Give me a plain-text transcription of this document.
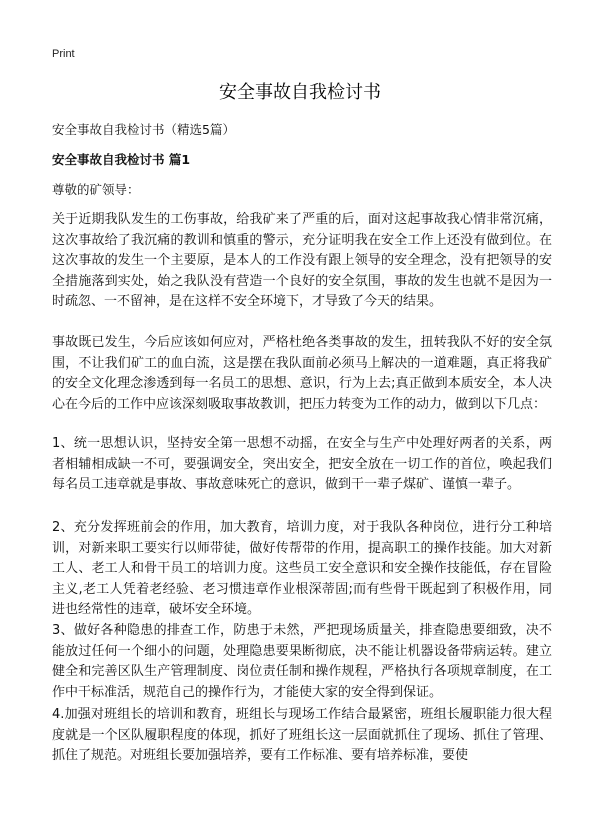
Print
安全事故自我检讨书
安全事故自我检讨书（精选5篇）
安全事故自我检讨书 篇1
尊敬的矿领导：

关于近期我队发生的工伤事故，给我矿来了严重的后，面对这起事故我心情非常沉痛，这次事故给了我沉痛的教训和慎重的警示，充分证明我在安全工作上还没有做到位。在这次事故的发生一个主要原，是本人的工作没有跟上领导的安全理念，没有把领导的安全措施落到实处，始之我队没有营造一个良好的安全氛围，事故的发生也就不是因为一时疏忽、一不留神，是在这样不安全环境下，才导致了今天的结果。

事故既已发生，今后应该如何应对，严格杜绝各类事故的发生，扭转我队不好的安全氛围，不让我们矿工的血白流，这是摆在我队面前必须马上解决的一道难题，真正将我矿的安全文化理念渗透到每一名员工的思想、意识，行为上去;真正做到本质安全，本人决心在今后的工作中应该深刻吸取事故教训，把压力转变为工作的动力，做到以下几点：

1、统一思想认识，坚持安全第一思想不动摇，在安全与生产中处理好两者的关系，两者相辅相成缺一不可，要强调安全，突出安全，把安全放在一切工作的首位，唤起我们每名员工违章就是事故、事故意味死亡的意识，做到干一辈子煤矿、谨慎一辈子。

2、充分发挥班前会的作用，加大教育，培训力度，对于我队各种岗位，进行分工种培训，对新来职工要实行以师带徒，做好传帮带的作用，提高职工的操作技能。加大对新工人、老工人和骨干员工的培训力度。这些员工安全意识和安全操作技能低，存在冒险主义,老工人凭着老经验、老习惯违章作业根深蒂固;而有些骨干既起到了积极作用，同进也经常性的违章，破坏安全环境。

3、做好各种隐患的排查工作，防患于未然，严把现场质量关，排查隐患要细致，决不能放过任何一个细小的问题，处理隐患要果断彻底，决不能让机器设备带病运转。建立健全和完善区队生产管理制度、岗位责任制和操作规程，严格执行各项规章制度，在工作中干标准活，规范自己的操作行为，才能使大家的安全得到保证。

4.加强对班组长的培训和教育，班组长与现场工作结合最紧密，班组长履职能力很大程度就是一个区队履职程度的体现，抓好了班组长这一层面就抓住了现场、抓住了管理、抓住了规范。对班组长要加强培养，要有工作标准、要有培养标准，要使
